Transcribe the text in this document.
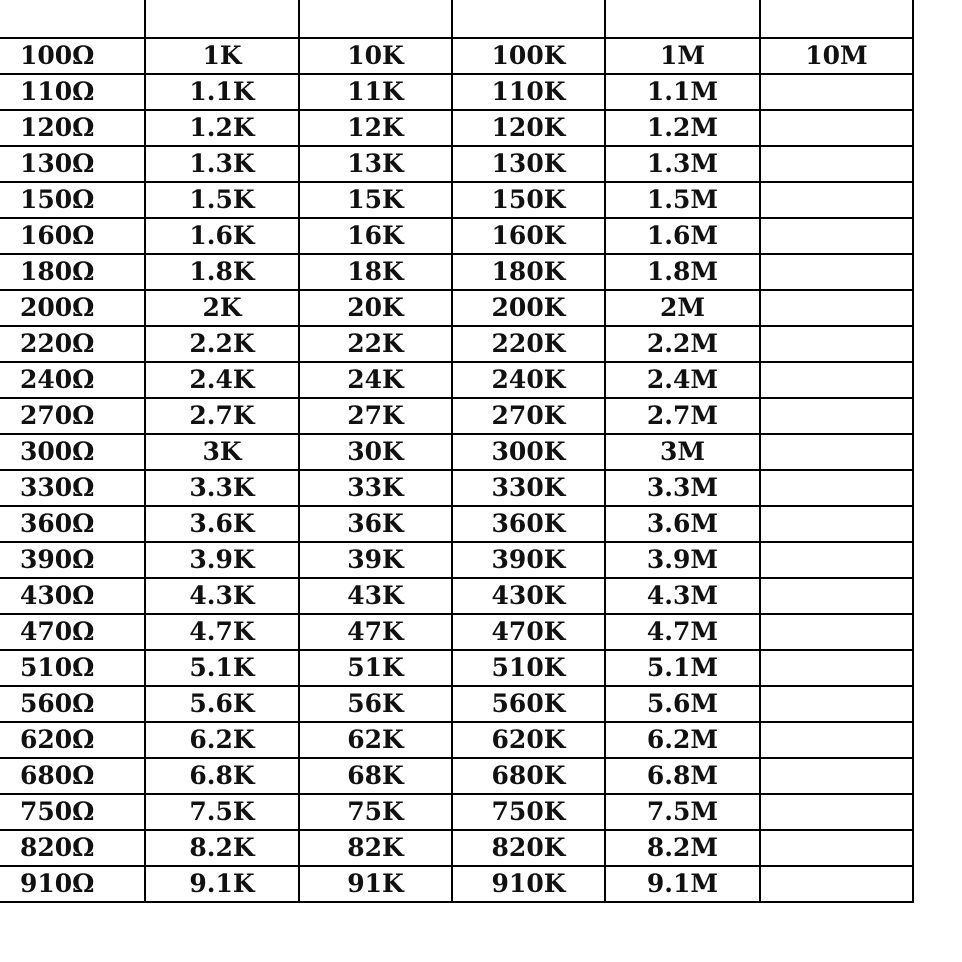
100Ω	1K	10K	100K	1M	10M
110Ω	1.1K	11K	110K	1.1M	
120Ω	1.2K	12K	120K	1.2M	
130Ω	1.3K	13K	130K	1.3M	
150Ω	1.5K	15K	150K	1.5M	
160Ω	1.6K	16K	160K	1.6M	
180Ω	1.8K	18K	180K	1.8M	
200Ω	2K	20K	200K	2M	
220Ω	2.2K	22K	220K	2.2M	
240Ω	2.4K	24K	240K	2.4M	
270Ω	2.7K	27K	270K	2.7M	
300Ω	3K	30K	300K	3M	
330Ω	3.3K	33K	330K	3.3M	
360Ω	3.6K	36K	360K	3.6M	
390Ω	3.9K	39K	390K	3.9M	
430Ω	4.3K	43K	430K	4.3M	
470Ω	4.7K	47K	470K	4.7M	
510Ω	5.1K	51K	510K	5.1M	
560Ω	5.6K	56K	560K	5.6M	
620Ω	6.2K	62K	620K	6.2M	
680Ω	6.8K	68K	680K	6.8M	
750Ω	7.5K	75K	750K	7.5M	
820Ω	8.2K	82K	820K	8.2M	
910Ω	9.1K	91K	910K	9.1M	
